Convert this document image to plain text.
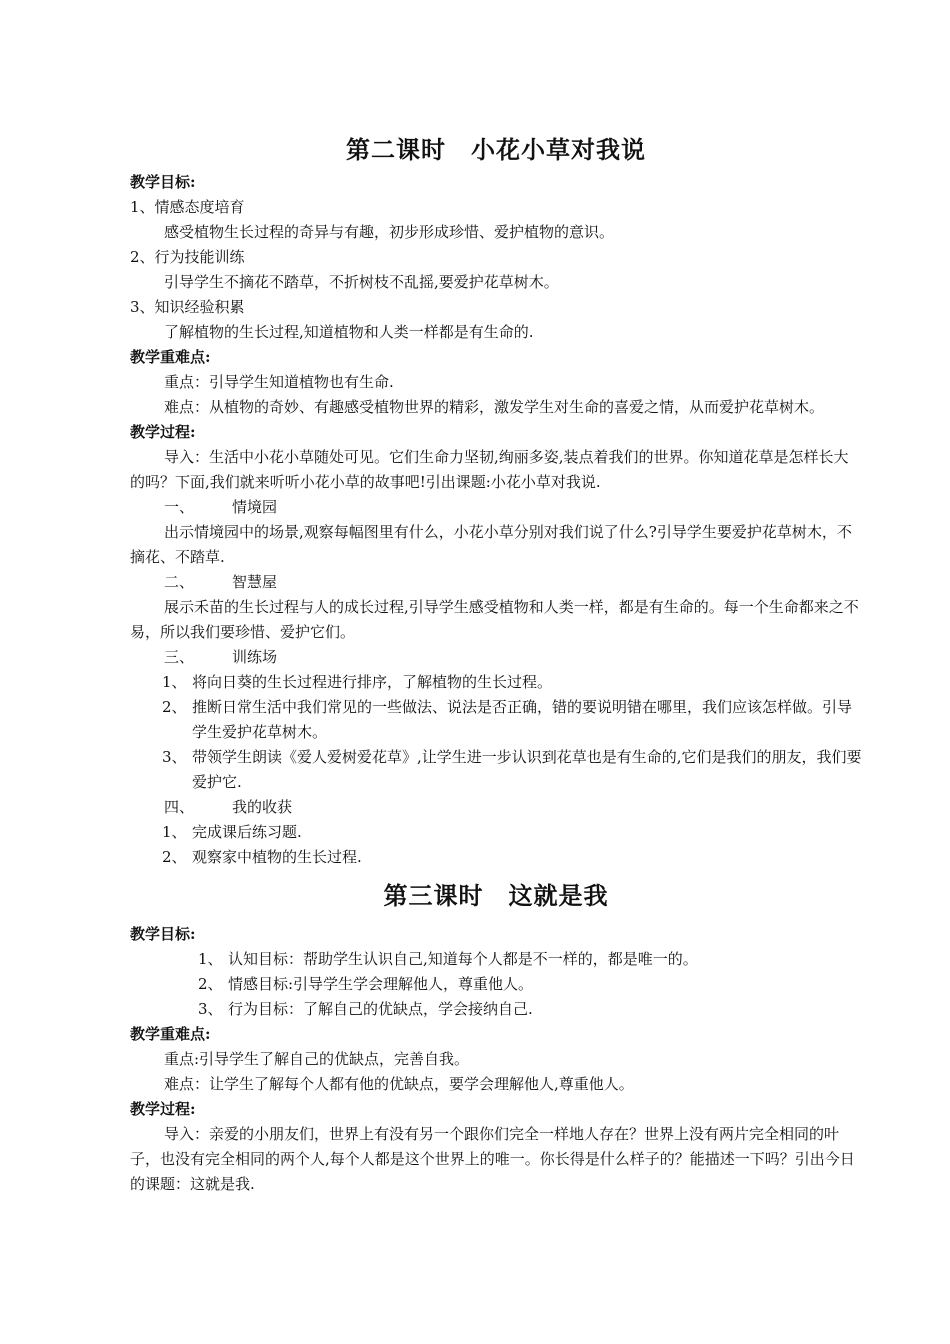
第二课时　小花小草对我说

教学目标:

1、情感态度培育

感受植物生长过程的奇异与有趣，初步形成珍惜、爱护植物的意识。

2、行为技能训练

引导学生不摘花不踏草，不折树枝不乱摇,要爱护花草树木。

3、知识经验积累

了解植物的生长过程,知道植物和人类一样都是有生命的.

教学重难点:

重点：引导学生知道植物也有生命.

难点：从植物的奇妙、有趣感受植物世界的精彩，激发学生对生命的喜爱之情，从而爱护花草树木。

教学过程:

导入：生活中小花小草随处可见。它们生命力坚韧,绚丽多姿,装点着我们的世界。你知道花草是怎样长大的吗？下面,我们就来听听小花小草的故事吧!引出课题:小花小草对我说.

一、	情境园

出示情境园中的场景,观察每幅图里有什么，小花小草分别对我们说了什么?引导学生要爱护花草树木，不摘花、不踏草.

二、	智慧屋

展示禾苗的生长过程与人的成长过程,引导学生感受植物和人类一样，都是有生命的。每一个生命都来之不易，所以我们要珍惜、爱护它们。

三、	训练场

1、 将向日葵的生长过程进行排序，了解植物的生长过程。

2、 推断日常生活中我们常见的一些做法、说法是否正确，错的要说明错在哪里，我们应该怎样做。引导学生爱护花草树木。

3、 带领学生朗读《爱人爱树爱花草》,让学生进一步认识到花草也是有生命的,它们是我们的朋友，我们要爱护它.

四、	我的收获

1、 完成课后练习题.

2、 观察家中植物的生长过程.

第三课时　这就是我

教学目标:

1、 认知目标：帮助学生认识自己,知道每个人都是不一样的，都是唯一的。

2、 情感目标:引导学生学会理解他人，尊重他人。

3、 行为目标：了解自己的优缺点，学会接纳自己.

教学重难点:

重点:引导学生了解自己的优缺点，完善自我。

难点：让学生了解每个人都有他的优缺点，要学会理解他人,尊重他人。

教学过程:

导入：亲爱的小朋友们，世界上有没有另一个跟你们完全一样地人存在？世界上没有两片完全相同的叶子，也没有完全相同的两个人,每个人都是这个世界上的唯一。你长得是什么样子的？能描述一下吗？引出今日的课题：这就是我.
